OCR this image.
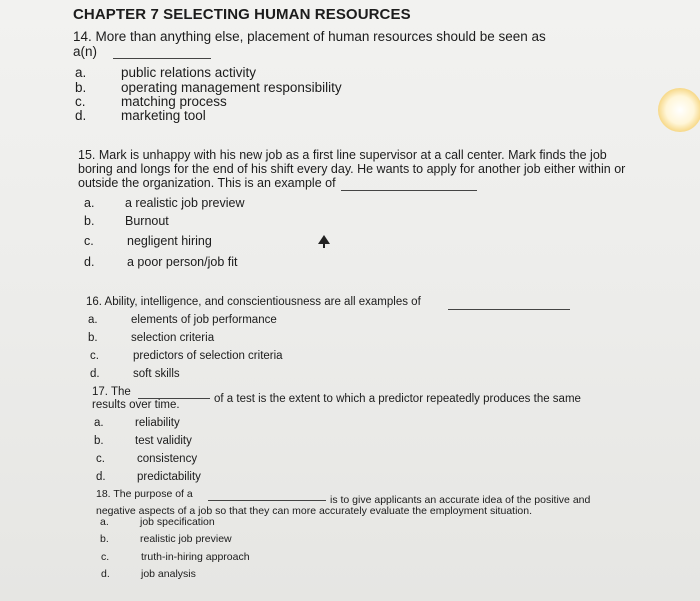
CHAPTER 7 SELECTING HUMAN RESOURCES
14. More than anything else, placement of human resources should be seen as
a(n)
a.	public relations activity
b.	operating management responsibility
c.	matching process
d.	marketing tool
15. Mark is unhappy with his new job as a first line supervisor at a call center. Mark finds the job
boring and longs for the end of his shift every day. He wants to apply for another job either within or
outside the organization. This is an example of
a. a realistic job preview
b. Burnout
c.	negligent hiring
d.	a poor person/job fit
16. Ability, intelligence, and conscientiousness are all examples of
a.	elements of job performance
b.	selection criteria
c.	predictors of selection criteria
d.	soft skills
17. The
of a test is the extent to which a predictor repeatedly produces the same
results over time.
a.	reliability
b.	test validity
c.	consistency
d.	predictability
18. The purpose of a	is to give applicants an accurate idea of the positive and
negative aspects of a job so that they can more accurately evaluate the employment situation.
a.	job specification
b.	realistic job preview
c.	truth-in-hiring approach
d.	job analysis
